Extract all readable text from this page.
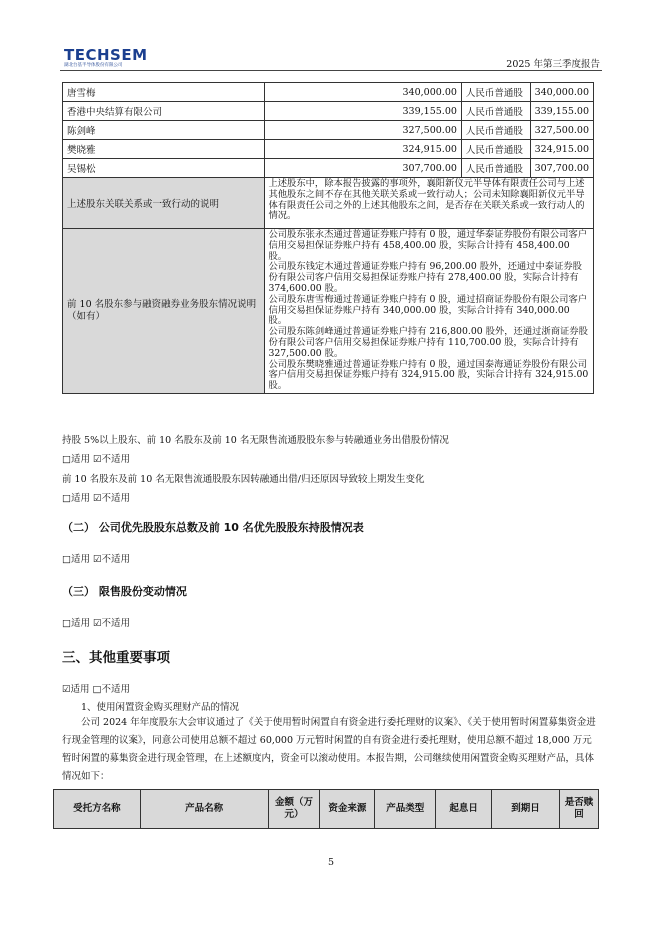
TECHSEM
湖北台基半导体股份有限公司	2025 年第三季度报告
唐雪梅	340,000.00	人民币普通股	340,000.00
香港中央结算有限公司	339,155.00	人民币普通股	339,155.00
陈剑峰	327,500.00	人民币普通股	327,500.00
樊晓雅	324,915.00	人民币普通股	324,915.00
吴锡松	307,700.00	人民币普通股	307,700.00
上述股东关联关系或一致行动的说明	上述股东中，除本报告披露的事项外，襄阳新仪元半导体有限责任公司与上述其他股东之间不存在其他关联关系或一致行动人；公司未知除襄阳新仪元半导体有限责任公司之外的上述其他股东之间，是否存在关联关系或一致行动人的情况。		
前 10 名股东参与融资融券业务股东情况说明（如有）	公司股东张永杰通过普通证券账户持有 0 股，通过华泰证券股份有限公司客户信用交易担保证券账户持有 458,400.00 股，实际合计持有 458,400.00 股。

公司股东钱定木通过普通证券账户持有 96,200.00 股外，还通过中泰证券股份有限公司客户信用交易担保证券账户持有 278,400.00 股，实际合计持有 374,600.00 股。

公司股东唐雪梅通过普通证券账户持有 0 股，通过招商证券股份有限公司客户信用交易担保证券账户持有 340,000.00 股，实际合计持有 340,000.00 股。

公司股东陈剑峰通过普通证券账户持有 216,800.00 股外，还通过浙商证券股份有限公司客户信用交易担保证券账户持有 110,700.00 股，实际合计持有 327,500.00 股。

公司股东樊晓雅通过普通证券账户持有 0 股，通过国泰海通证券股份有限公司客户信用交易担保证券账户持有 324,915.00 股，实际合计持有 324,915.00 股。		

持股 5%以上股东、前 10 名股东及前 10 名无限售流通股股东参与转融通业务出借股份情况
□适用 ☑不适用
前 10 名股东及前 10 名无限售流通股股东因转融通出借/归还原因导致较上期发生变化
□适用 ☑不适用
（二） 公司优先股股东总数及前 10 名优先股股东持股情况表
□适用 ☑不适用
（三） 限售股份变动情况
□适用 ☑不适用
三、其他重要事项
☑适用 □不适用
1、使用闲置资金购买理财产品的情况
公司 2024 年年度股东大会审议通过了《关于使用暂时闲置自有资金进行委托理财的议案》、《关于使用暂时闲置募集资金进行现金管理的议案》，同意公司使用总额不超过 60,000 万元暂时闲置的自有资金进行委托理财，使用总额不超过 18,000 万元暂时闲置的募集资金进行现金管理，在上述额度内，资金可以滚动使用。本报告期，公司继续使用闲置资金购买理财产品，具体情况如下：
受托方名称	产品名称	金额（万元）	资金来源	产品类型	起息日	到期日	是否赎回
5
